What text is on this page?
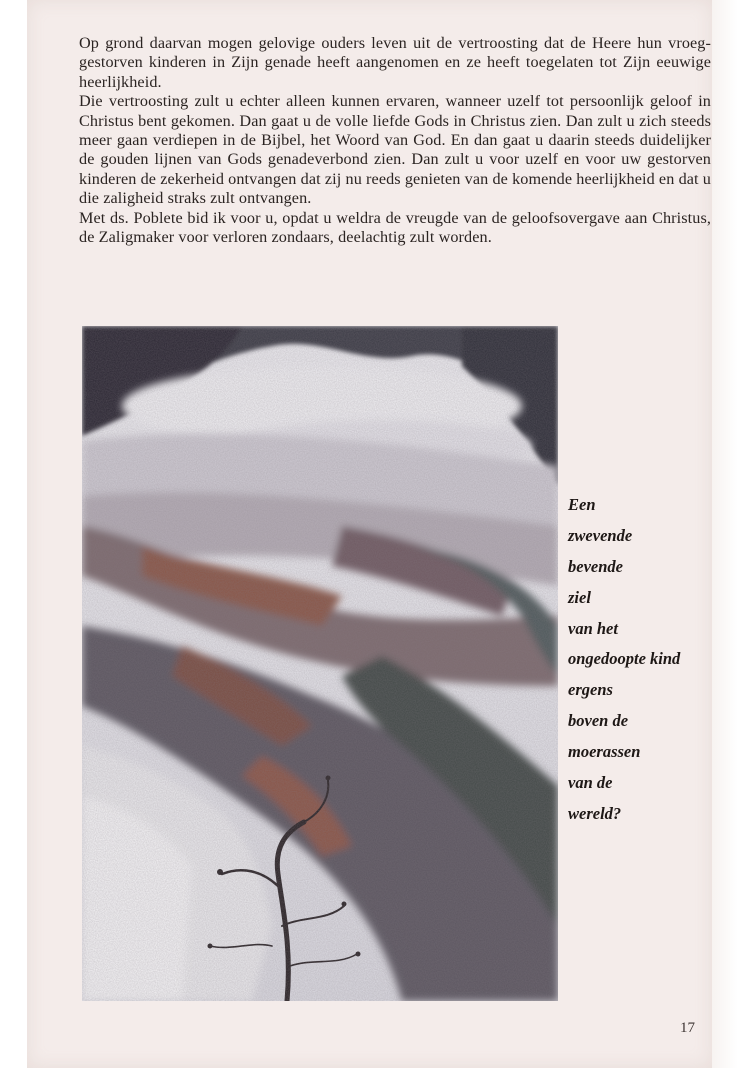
Op grond daarvan mogen gelovige ouders leven uit de vertroosting dat de Heere hun vroeg-gestorven kinderen in Zijn genade heeft aangenomen en ze heeft toegelaten tot Zijn eeuwige heerlijkheid.

Die vertroosting zult u echter alleen kunnen ervaren, wanneer uzelf tot persoonlijk geloof in Christus bent gekomen. Dan gaat u de volle liefde Gods in Christus zien. Dan zult u zich steeds meer gaan verdiepen in de Bijbel, het Woord van God. En dan gaat u daarin steeds duidelijker de gouden lijnen van Gods genadeverbond zien. Dan zult u voor uzelf en voor uw gestorven kinderen de zekerheid ontvangen dat zij nu reeds genieten van de komende heerlijkheid en dat u die zaligheid straks zult ontvangen.

Met ds. Poblete bid ik voor u, opdat u weldra de vreugde van de geloofsovergave aan Christus, de Zaligmaker voor verloren zondaars, deelachtig zult worden.

Een
zwevende
bevende
ziel
van het
ongedoopte kind
ergens
boven de
moerassen
van de
wereld?
17
